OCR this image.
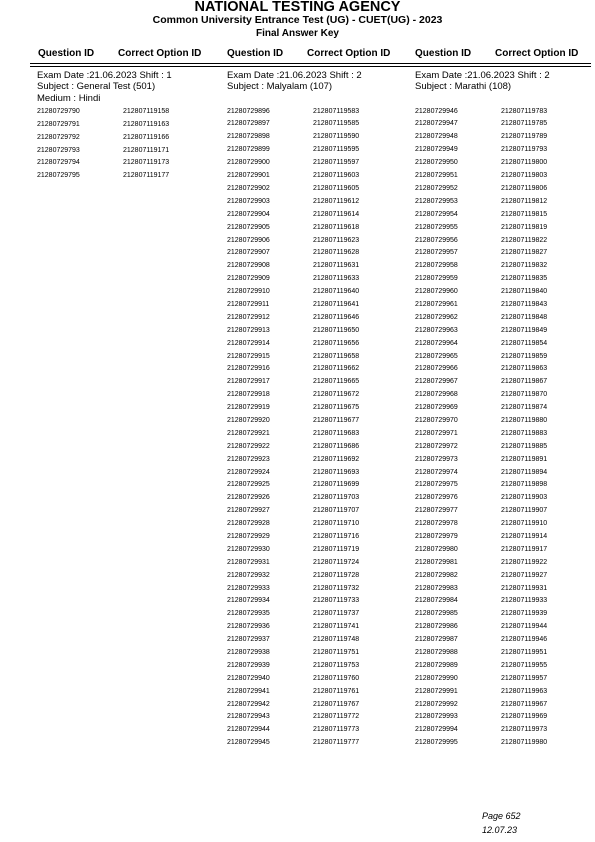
NATIONAL TESTING AGENCY
Common University Entrance Test (UG) - CUET(UG) - 2023
Final Answer Key
Question ID Correct Option ID	Question ID Correct Option ID Question ID Correct Option ID
Exam Date :21.06.2023 Shift : 1
Subject : General Test (501)
Medium : Hindi
21280729790	212807119158
21280729791	212807119163
21280729792	212807119166
21280729793	212807119171
21280729794	212807119173
21280729795	212807119177
Exam Date :21.06.2023 Shift : 2
Subject : Malyalam (107)
21280729896	212807119583
21280729897	212807119585
21280729898	212807119590
21280729899	212807119595
21280729900	212807119597
21280729901	212807119603
21280729902	212807119605
21280729903	212807119612
21280729904	212807119614
21280729905	212807119618
21280729906	212807119623
21280729907	212807119628
21280729908	212807119631
21280729909	212807119633
21280729910	212807119640
21280729911	212807119641
21280729912	212807119646
21280729913	212807119650
21280729914	212807119656
21280729915	212807119658
21280729916	212807119662
21280729917	212807119665
21280729918	212807119672
21280729919	212807119675
21280729920	212807119677
21280729921	212807119683
21280729922	212807119686
21280729923	212807119692
21280729924	212807119693
21280729925	212807119699
21280729926	212807119703
21280729927	212807119707
21280729928	212807119710
21280729929	212807119716
21280729930	212807119719
21280729931	212807119724
21280729932	212807119728
21280729933	212807119732
21280729934	212807119733
21280729935	212807119737
21280729936	212807119741
21280729937	212807119748
21280729938	212807119751
21280729939	212807119753
21280729940	212807119760
21280729941	212807119761
21280729942	212807119767
21280729943	212807119772
21280729944	212807119773
21280729945	212807119777
Exam Date :21.06.2023 Shift : 2
Subject : Marathi (108)
21280729946	212807119783
21280729947	212807119785
21280729948	212807119789
21280729949	212807119793
21280729950	212807119800
21280729951	212807119803
21280729952	212807119806
21280729953	212807119812
21280729954	212807119815
21280729955	212807119819
21280729956	212807119822
21280729957	212807119827
21280729958	212807119832
21280729959	212807119835
21280729960	212807119840
21280729961	212807119843
21280729962	212807119848
21280729963	212807119849
21280729964	212807119854
21280729965	212807119859
21280729966	212807119863
21280729967	212807119867
21280729968	212807119870
21280729969	212807119874
21280729970	212807119880
21280729971	212807119883
21280729972	212807119885
21280729973	212807119891
21280729974	212807119894
21280729975	212807119898
21280729976	212807119903
21280729977	212807119907
21280729978	212807119910
21280729979	212807119914
21280729980	212807119917
21280729981	212807119922
21280729982	212807119927
21280729983	212807119931
21280729984	212807119933
21280729985	212807119939
21280729986	212807119944
21280729987	212807119946
21280729988	212807119951
21280729989	212807119955
21280729990	212807119957
21280729991	212807119963
21280729992	212807119967
21280729993	212807119969
21280729994	212807119973
21280729995	212807119980
Page 652
12.07.23
